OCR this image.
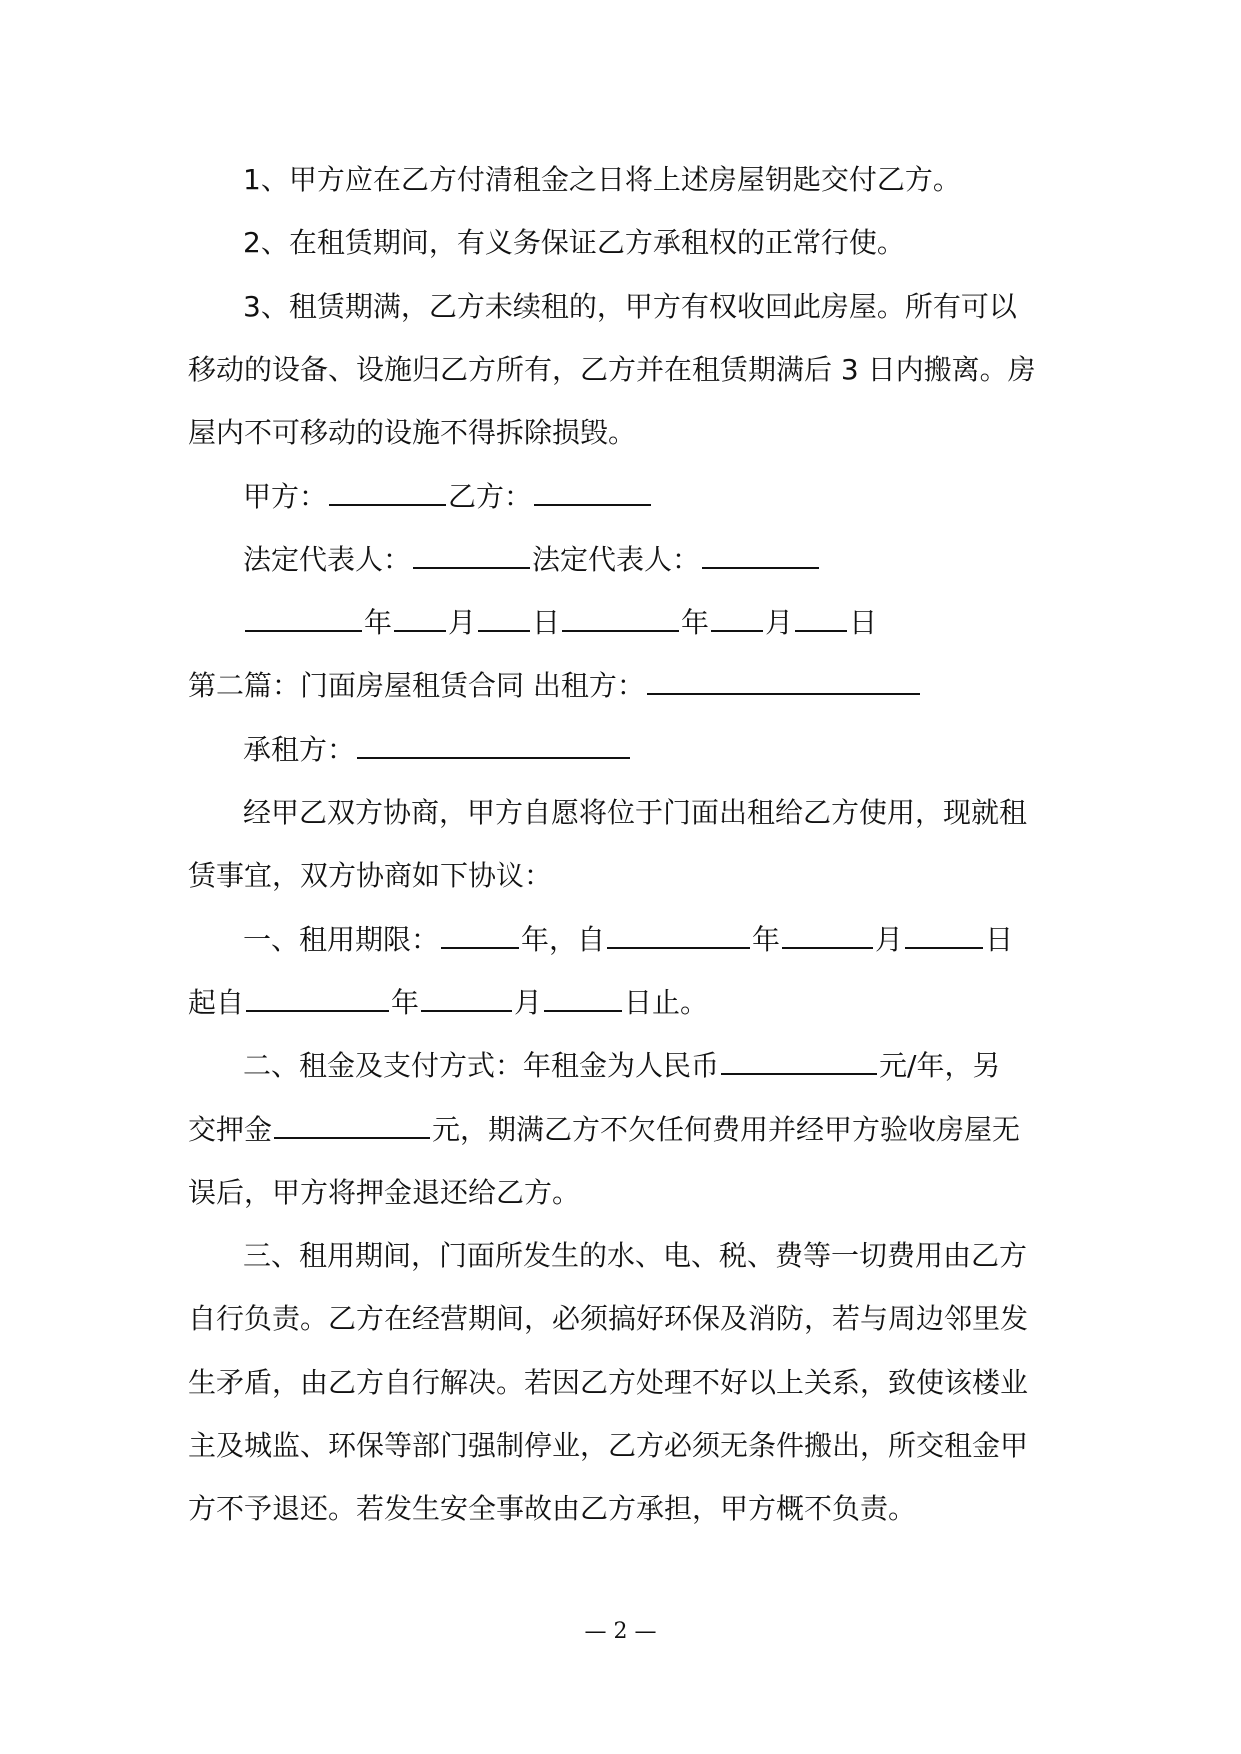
1、甲方应在乙方付清租金之日将上述房屋钥匙交付乙方。
2、在租赁期间，有义务保证乙方承租权的正常行使。
3、租赁期满，乙方未续租的，甲方有权收回此房屋。所有可以
移动的设备、设施归乙方所有，乙方并在租赁期满后 3 日内搬离。房
屋内不可移动的设施不得拆除损毁。
甲方：	乙方：
法定代表人：	法定代表人：
年 月 日	年 月 日
第二篇：门面房屋租赁合同 出租方：
承租方：
经甲乙双方协商，甲方自愿将位于门面出租给乙方使用，现就租
赁事宜，双方协商如下协议：
一、租用期限：	年，自	年	月	日
起自	年	月	日止。
二、租金及支付方式：年租金为人民币	元/年，另
交押金	元，期满乙方不欠任何费用并经甲方验收房屋无
误后，甲方将押金退还给乙方。
三、租用期间，门面所发生的水、电、税、费等一切费用由乙方
自行负责。乙方在经营期间，必须搞好环保及消防，若与周边邻里发
生矛盾，由乙方自行解决。若因乙方处理不好以上关系，致使该楼业
主及城监、环保等部门强制停业，乙方必须无条件搬出，所交租金甲
方不予退还。若发生安全事故由乙方承担，甲方概不负责。
— 2 —
